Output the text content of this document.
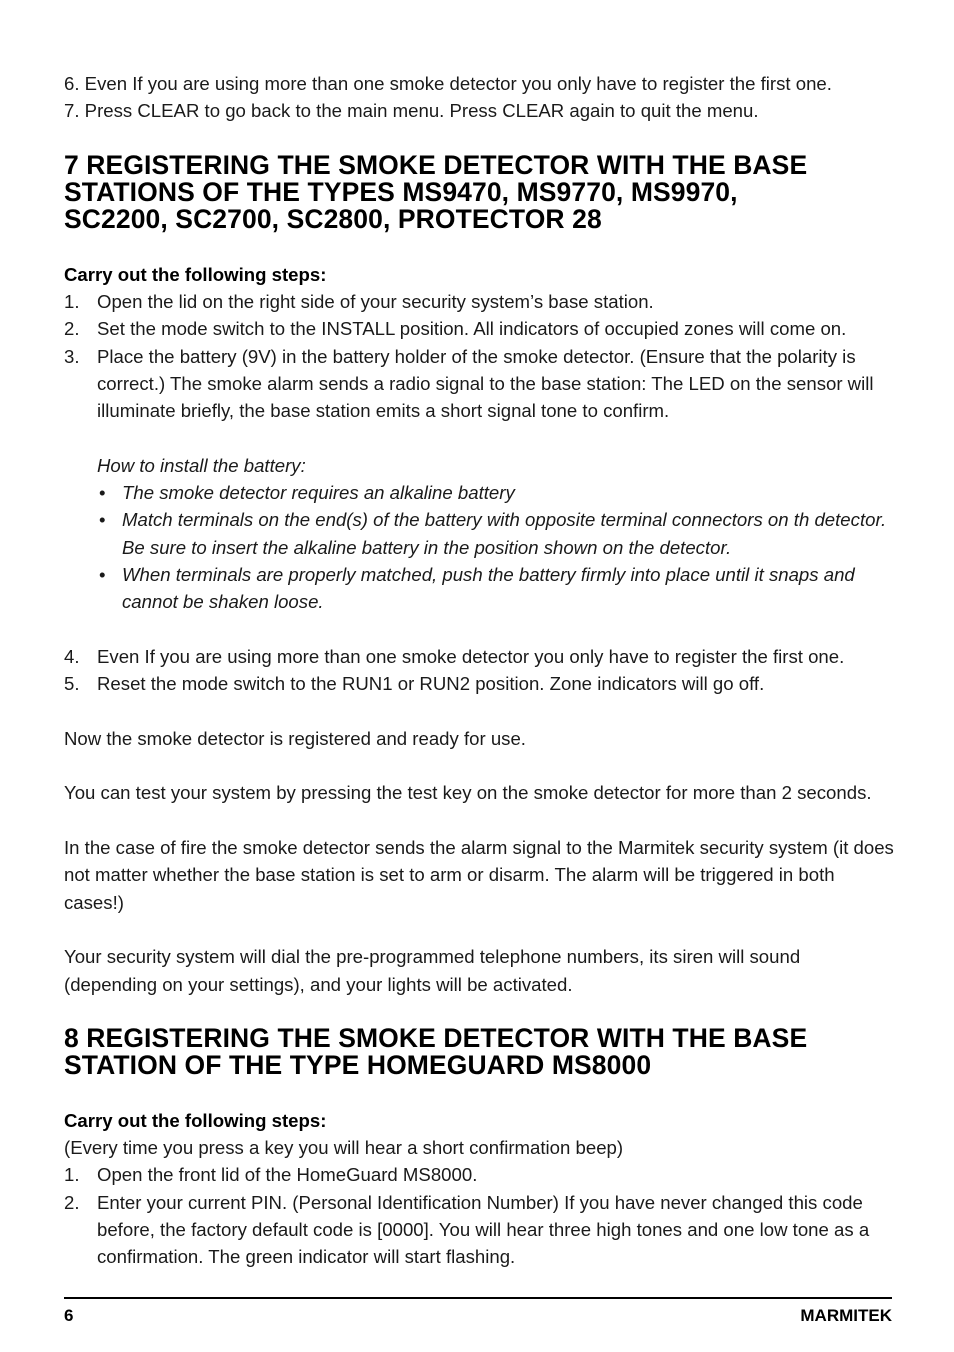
6. Even If you are using more than one smoke detector you only have to register the first one.

7. Press CLEAR to go back to the main menu. Press CLEAR again to quit the menu.

7 REGISTERING THE SMOKE DETECTOR WITH THE BASE
STATIONS OF THE TYPES MS9470, MS9770, MS9970,
SC2200, SC2700, SC2800, PROTECTOR 28

Carry out the following steps:

1. Open the lid on the right side of your security system’s base station.
2. Set the mode switch to the INSTALL position. All indicators of occupied zones will come on.
3. Place the battery (9V) in the battery holder of the smoke detector. (Ensure that the polarity is correct.) The smoke alarm sends a radio signal to the base station: The LED on the sensor will illuminate briefly, the base station emits a short signal tone to confirm.

How to install the battery:

• The smoke detector requires an alkaline battery
• Match terminals on the end(s) of the battery with opposite terminal connectors on th detector. Be sure to insert the alkaline battery in the position shown on the detector.
• When terminals are properly matched, push the battery firmly into place until it snaps and cannot be shaken loose.
4. Even If you are using more than one smoke detector you only have to register the first one.
5. Reset the mode switch to the RUN1 or RUN2 position. Zone indicators will go off.

Now the smoke detector is registered and ready for use.

You can test your system by pressing the test key on the smoke detector for more than 2 seconds.

In the case of fire the smoke detector sends the alarm signal to the Marmitek security system (it does not matter whether the base station is set to arm or disarm. The alarm will be triggered in both cases!)

Your security system will dial the pre-programmed telephone numbers, its siren will sound (depending on your settings), and your lights will be activated.

8 REGISTERING THE SMOKE DETECTOR WITH THE BASE
STATION OF THE TYPE HOMEGUARD MS8000

Carry out the following steps:

(Every time you press a key you will hear a short confirmation beep)

1. Open the front lid of the HomeGuard MS8000.
2. Enter your current PIN. (Personal Identification Number) If you have never changed this code before, the factory default code is [0000]. You will hear three high tones and one low tone as a confirmation. The green indicator will start flashing.
6	MARMITEK
